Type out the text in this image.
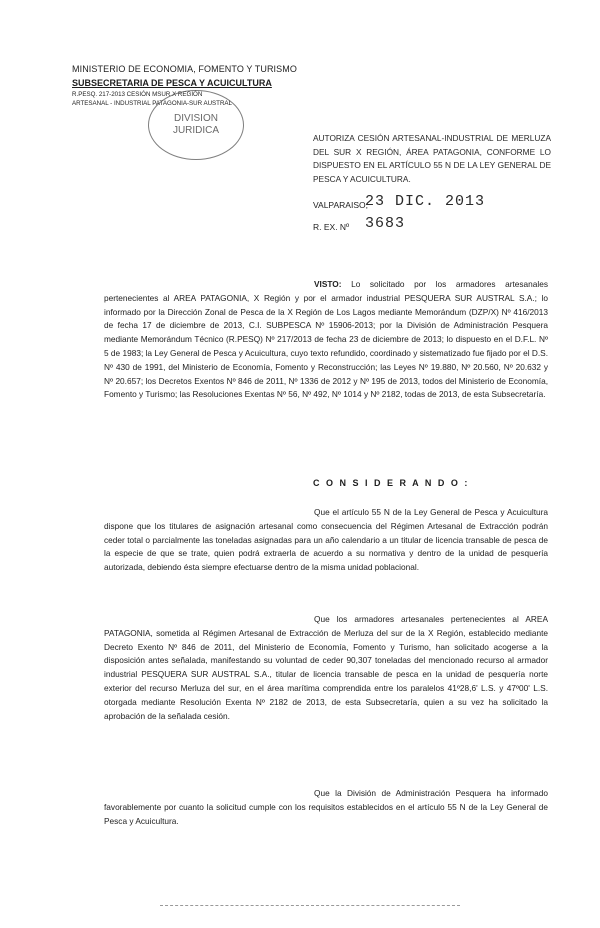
MINISTERIO DE ECONOMIA, FOMENTO Y TURISMO
SUBSECRETARIA DE PESCA Y ACUICULTURA
R.PESQ. 217-2013 CESIÓN MSUR X REGIÓN
ARTESANAL - INDUSTRIAL PATAGONIA-SUR AUSTRAL
DIVISION
JURIDICA
AUTORIZA CESIÓN ARTESANAL-INDUSTRIAL DE MERLUZA DEL SUR X REGIÓN, ÁREA PATAGONIA, CONFORME LO DISPUESTO EN EL ARTÍCULO 55 N DE LA LEY GENERAL DE PESCA Y ACUICULTURA.
VALPARAISO,
23 DIC. 2013
R. EX. Nº 3683
VISTO: Lo solicitado por los armadores artesanales pertenecientes al AREA PATAGONIA, X Región y por el armador industrial PESQUERA SUR AUSTRAL S.A.; lo informado por la Dirección Zonal de Pesca de la X Región de Los Lagos mediante Memorándum (DZP/X) Nº 416/2013 de fecha 17 de diciembre de 2013, C.I. SUBPESCA Nº 15906-2013; por la División de Administración Pesquera mediante Memorándum Técnico (R.PESQ) Nº 217/2013 de fecha 23 de diciembre de 2013; lo dispuesto en el D.F.L. Nº 5 de 1983; la Ley General de Pesca y Acuicultura, cuyo texto refundido, coordinado y sistematizado fue fijado por el D.S. Nº 430 de 1991, del Ministerio de Economía, Fomento y Reconstrucción; las Leyes Nº 19.880, Nº 20.560, Nº 20.632 y Nº 20.657; los Decretos Exentos Nº 846 de 2011, Nº 1336 de 2012 y Nº 195 de 2013, todos del Ministerio de Economía, Fomento y Turismo; las Resoluciones Exentas Nº 56, Nº 492, Nº 1014 y Nº 2182, todas de 2013, de esta Subsecretaría.
C O N S I D E R A N D O :
Que el artículo 55 N de la Ley General de Pesca y Acuicultura dispone que los titulares de asignación artesanal como consecuencia del Régimen Artesanal de Extracción podrán ceder total o parcialmente las toneladas asignadas para un año calendario a un titular de licencia transable de pesca de la especie de que se trate, quien podrá extraerla de acuerdo a su normativa y dentro de la unidad de pesquería autorizada, debiendo ésta siempre efectuarse dentro de la misma unidad poblacional.
Que los armadores artesanales pertenecientes al AREA PATAGONIA, sometida al Régimen Artesanal de Extracción de Merluza del sur de la X Región, establecido mediante Decreto Exento Nº 846 de 2011, del Ministerio de Economía, Fomento y Turismo, han solicitado acogerse a la disposición antes señalada, manifestando su voluntad de ceder 90,307 toneladas del mencionado recurso al armador industrial PESQUERA SUR AUSTRAL S.A., titular de licencia transable de pesca en la unidad de pesquería norte exterior del recurso Merluza del sur, en el área marítima comprendida entre los paralelos 41º28,6' L.S. y 47º00' L.S. otorgada mediante Resolución Exenta Nº 2182 de 2013, de esta Subsecretaría, quien a su vez ha solicitado la aprobación de la señalada cesión.
Que la División de Administración Pesquera ha informado favorablemente por cuanto la solicitud cumple con los requisitos establecidos en el artículo 55 N de la Ley General de Pesca y Acuicultura.
